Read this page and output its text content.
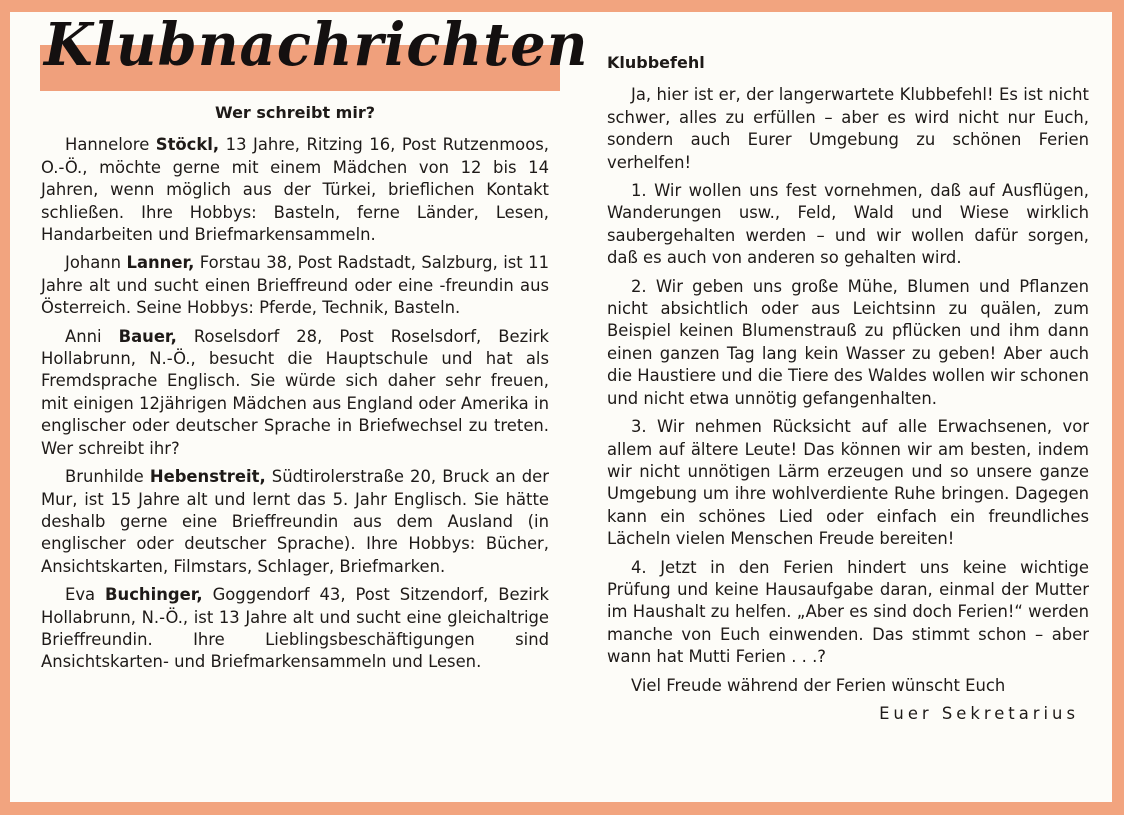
Klubnachrichten
Wer schreibt mir?

Hannelore Stöckl, 13 Jahre, Ritzing 16, Post Rutzenmoos, O.-Ö., möchte gerne mit einem Mädchen von 12 bis 14 Jahren, wenn möglich aus der Türkei, brieflichen Kontakt schließen. Ihre Hobbys: Basteln, ferne Länder, Lesen, Handarbeiten und Briefmarkensammeln.

Johann Lanner, Forstau 38, Post Radstadt, Salzburg, ist 11 Jahre alt und sucht einen Brieffreund oder eine -freundin aus Österreich. Seine Hobbys: Pferde, Technik, Basteln.

Anni Bauer, Roselsdorf 28, Post Roselsdorf, Bezirk Hollabrunn, N.-Ö., besucht die Hauptschule und hat als Fremdsprache Englisch. Sie würde sich daher sehr freuen, mit einigen 12jährigen Mädchen aus England oder Amerika in englischer oder deutscher Sprache in Briefwechsel zu treten. Wer schreibt ihr?

Brunhilde Hebenstreit, Südtirolerstraße 20, Bruck an der Mur, ist 15 Jahre alt und lernt das 5. Jahr Englisch. Sie hätte deshalb gerne eine Brieffreundin aus dem Ausland (in englischer oder deutscher Sprache). Ihre Hobbys: Bücher, Ansichtskarten, Filmstars, Schlager, Briefmarken.

Eva Buchinger, Goggendorf 43, Post Sitzendorf, Bezirk Hollabrunn, N.-Ö., ist 13 Jahre alt und sucht eine gleichaltrige Brieffreundin. Ihre Lieblingsbeschäftigungen sind Ansichtskarten- und Briefmarkensammeln und Lesen.

Klubbefehl

Ja, hier ist er, der langerwartete Klubbefehl! Es ist nicht schwer, alles zu erfüllen – aber es wird nicht nur Euch, sondern auch Eurer Umgebung zu schönen Ferien verhelfen!

1. Wir wollen uns fest vornehmen, daß auf Ausflügen, Wanderungen usw., Feld, Wald und Wiese wirklich saubergehalten werden – und wir wollen dafür sorgen, daß es auch von anderen so gehalten wird.

2. Wir geben uns große Mühe, Blumen und Pflanzen nicht absichtlich oder aus Leichtsinn zu quälen, zum Beispiel keinen Blumenstrauß zu pflücken und ihm dann einen ganzen Tag lang kein Wasser zu geben! Aber auch die Haustiere und die Tiere des Waldes wollen wir schonen und nicht etwa unnötig gefangenhalten.

3. Wir nehmen Rücksicht auf alle Erwachsenen, vor allem auf ältere Leute! Das können wir am besten, indem wir nicht unnötigen Lärm erzeugen und so unsere ganze Umgebung um ihre wohlverdiente Ruhe bringen. Dagegen kann ein schönes Lied oder einfach ein freundliches Lächeln vielen Menschen Freude bereiten!

4. Jetzt in den Ferien hindert uns keine wichtige Prüfung und keine Hausaufgabe daran, einmal der Mutter im Haushalt zu helfen. „Aber es sind doch Ferien!“ werden manche von Euch einwenden. Das stimmt schon – aber wann hat Mutti Ferien . . .?

Viel Freude während der Ferien wünscht Euch

Euer Sekretarius
